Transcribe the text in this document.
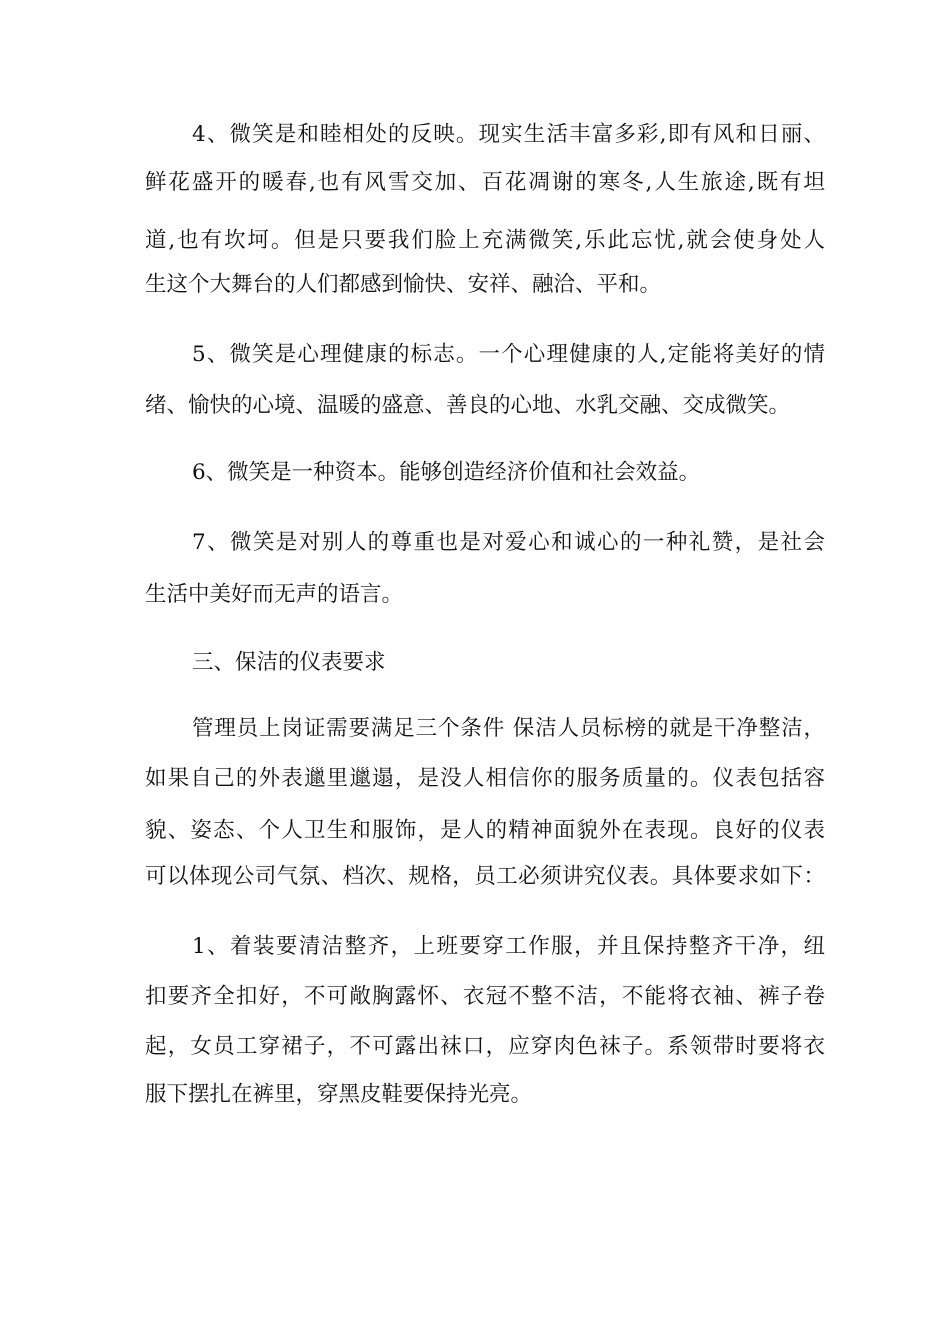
4、微笑是和睦相处的反映。现实生活丰富多彩,即有风和日丽、
鲜花盛开的暖春,也有风雪交加、百花凋谢的寒冬,人生旅途,既有坦
道,也有坎坷。但是只要我们脸上充满微笑,乐此忘忧,就会使身处人
生这个大舞台的人们都感到愉快、安祥、融洽、平和。
5、微笑是心理健康的标志。一个心理健康的人,定能将美好的情
绪、愉快的心境、温暖的盛意、善良的心地、水乳交融、交成微笑。
6、微笑是一种资本。能够创造经济价值和社会效益。
7、微笑是对别人的尊重也是对爱心和诚心的一种礼赞，是社会
生活中美好而无声的语言。
三、保洁的仪表要求
管理员上岗证需要满足三个条件 保洁人员标榜的就是干净整洁，
如果自己的外表邋里邋遢，是没人相信你的服务质量的。仪表包括容
貌、姿态、个人卫生和服饰，是人的精神面貌外在表现。良好的仪表
可以体现公司气氛、档次、规格，员工必须讲究仪表。具体要求如下：
1、着装要清洁整齐，上班要穿工作服，并且保持整齐干净，纽
扣要齐全扣好，不可敞胸露怀、衣冠不整不洁，不能将衣袖、裤子卷
起，女员工穿裙子，不可露出袜口，应穿肉色袜子。系领带时要将衣
服下摆扎在裤里，穿黑皮鞋要保持光亮。
